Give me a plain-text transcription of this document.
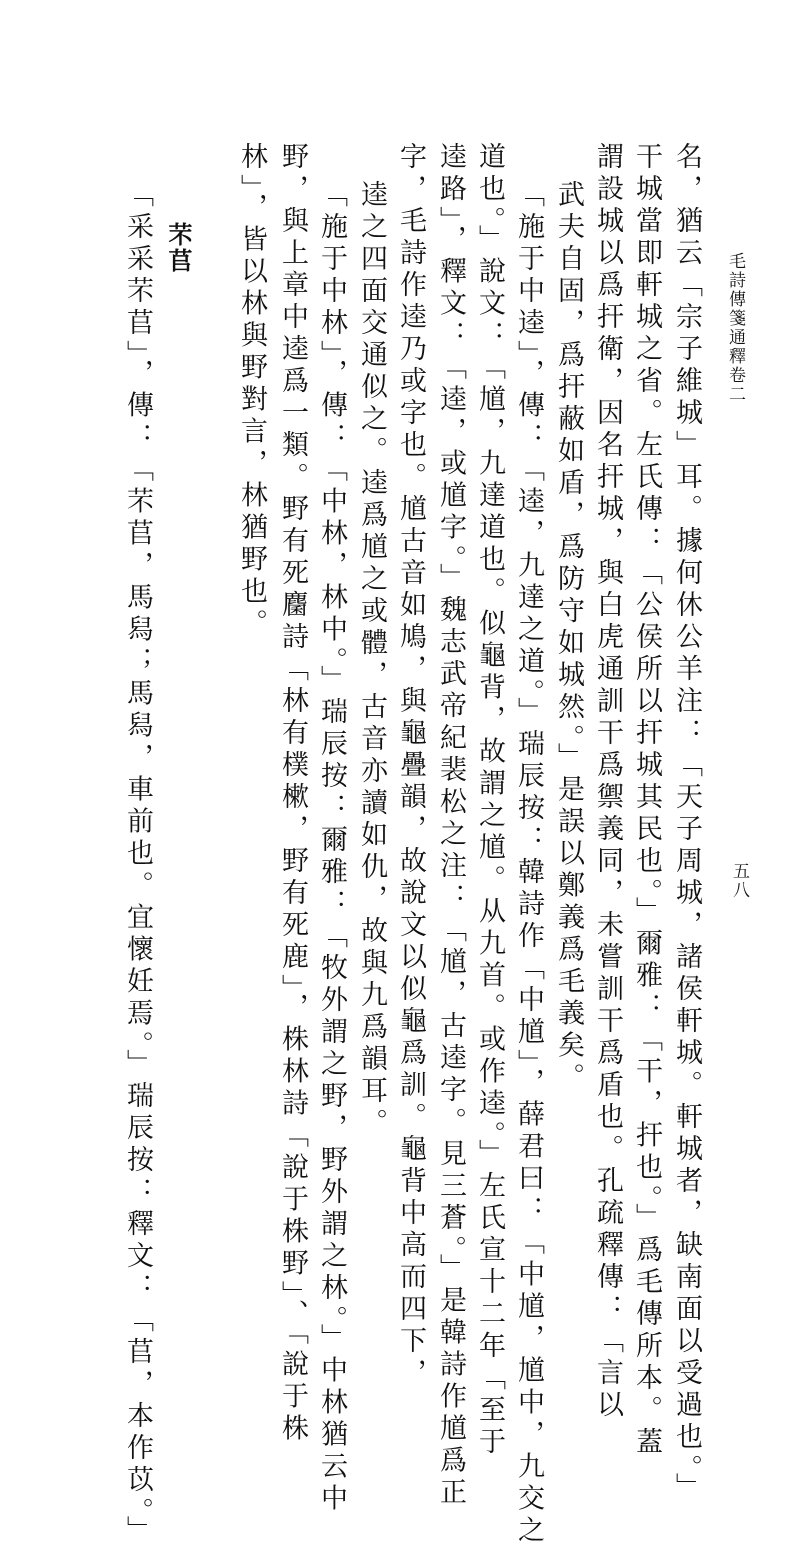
毛詩傳箋通釋卷二

五八

名，猶云「宗子維城」耳。據何休公羊注：「天子周城，諸侯軒城。軒城者，缺南面以受過也。」

干城當即軒城之省。左氏傳：「公侯所以扞城其民也。」爾雅：「干，扞也。」爲毛傳所本。蓋

謂設城以爲扞衛，因名扞城，與白虎通訓干爲禦義同，未嘗訓干爲盾也。孔疏釋傳：「言以

武夫自固，爲扞蔽如盾，爲防守如城然。」是誤以鄭義爲毛義矣。

「施于中逵」，傳：「逵，九達之道。」瑞辰按：韓詩作「中馗」，薛君曰：「中馗，馗中，九交之

道也。」說文：「馗，九達道也。似龜背，故謂之馗。从九首。或作逵。」左氏宣十二年「至于

逵路」，釋文：「逵，或馗字。」魏志武帝紀裴松之注：「馗，古逵字。見三蒼。」是韓詩作馗爲正

字，毛詩作逵乃或字也。馗古音如鳩，與龜疊韻，故說文以似龜爲訓。龜背中高而四下，

逵之四面交通似之。逵爲馗之或體，古音亦讀如仇，故與九爲韻耳。

「施于中林」，傳：「中林，林中。」瑞辰按：爾雅：「牧外謂之野，野外謂之林。」中林猶云中

野，與上章中逵爲一類。野有死麕詩「林有樸樕，野有死鹿」，株林詩「說于株野」、「說于株

林」，皆以林與野對言，林猶野也。

芣苢

「采采芣苢」，傳：「芣苢，馬舄；馬舄，車前也。宜懷妊焉。」瑞辰按：釋文：「苢，本作苡。」
